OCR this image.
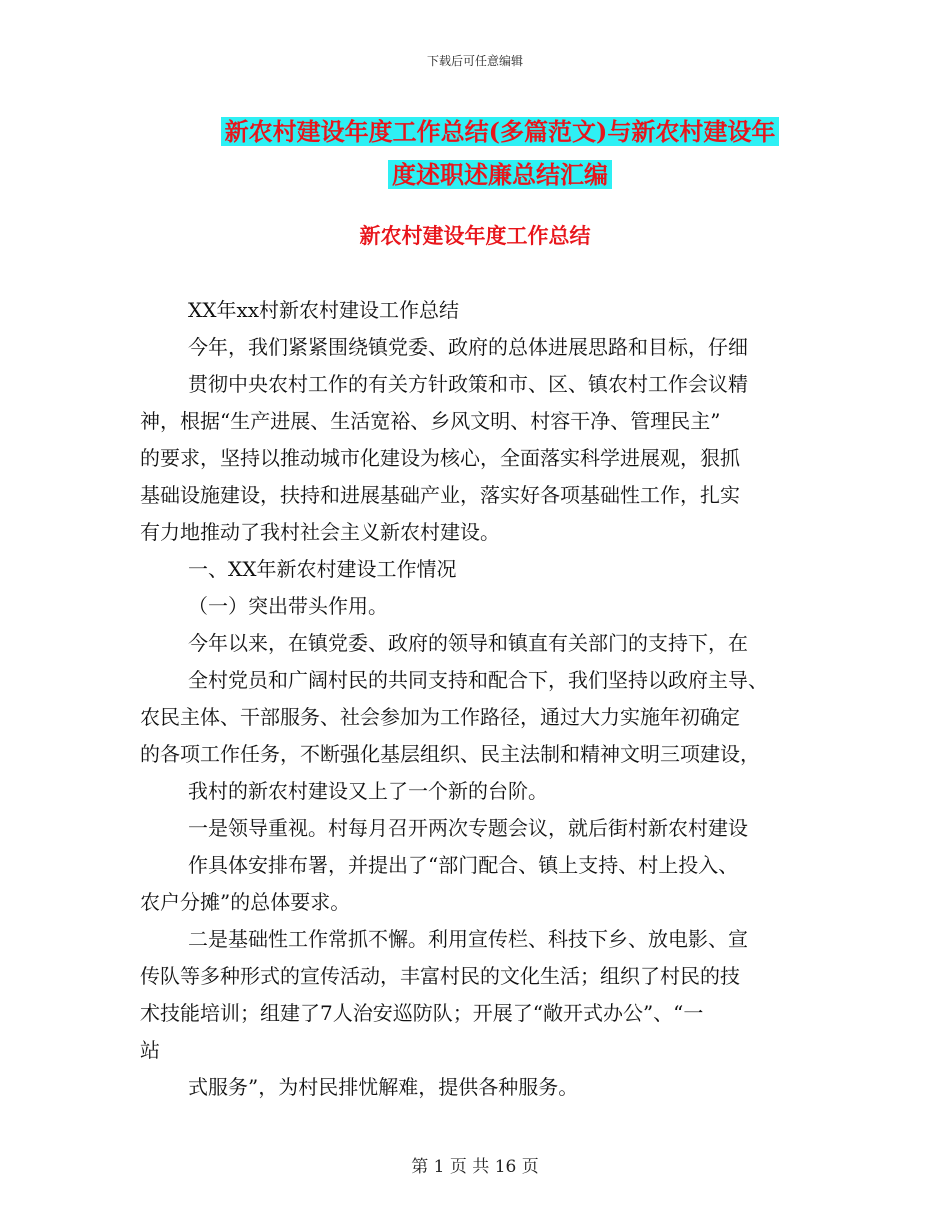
下载后可任意编辑
新农村建设年度工作总结(多篇范文)与新农村建设年
度述职述廉总结汇编
新农村建设年度工作总结
XX年xx村新农村建设工作总结
今年，我们紧紧围绕镇党委、政府的总体进展思路和目标，仔细
贯彻中央农村工作的有关方针政策和市、区、镇农村工作会议精
神，根据“生产进展、生活宽裕、乡风文明、村容干净、管理民主”
的要求，坚持以推动城市化建设为核心，全面落实科学进展观，狠抓
基础设施建设，扶持和进展基础产业，落实好各项基础性工作，扎实
有力地推动了我村社会主义新农村建设。
一、XX年新农村建设工作情况
（一）突出带头作用。
今年以来，在镇党委、政府的领导和镇直有关部门的支持下，在
全村党员和广阔村民的共同支持和配合下，我们坚持以政府主导、
农民主体、干部服务、社会参加为工作路径，通过大力实施年初确定
的各项工作任务，不断强化基层组织、民主法制和精神文明三项建设，
我村的新农村建设又上了一个新的台阶。
一是领导重视。村每月召开两次专题会议，就后街村新农村建设
作具体安排布署，并提出了“部门配合、镇上支持、村上投入、
农户分摊”的总体要求。
二是基础性工作常抓不懈。利用宣传栏、科技下乡、放电影、宣
传队等多种形式的宣传活动，丰富村民的文化生活；组织了村民的技
术技能培训；组建了7人治安巡防队；开展了“敞开式办公”、“一
站
式服务”，为村民排忧解难，提供各种服务。
第 1 页 共 16 页
